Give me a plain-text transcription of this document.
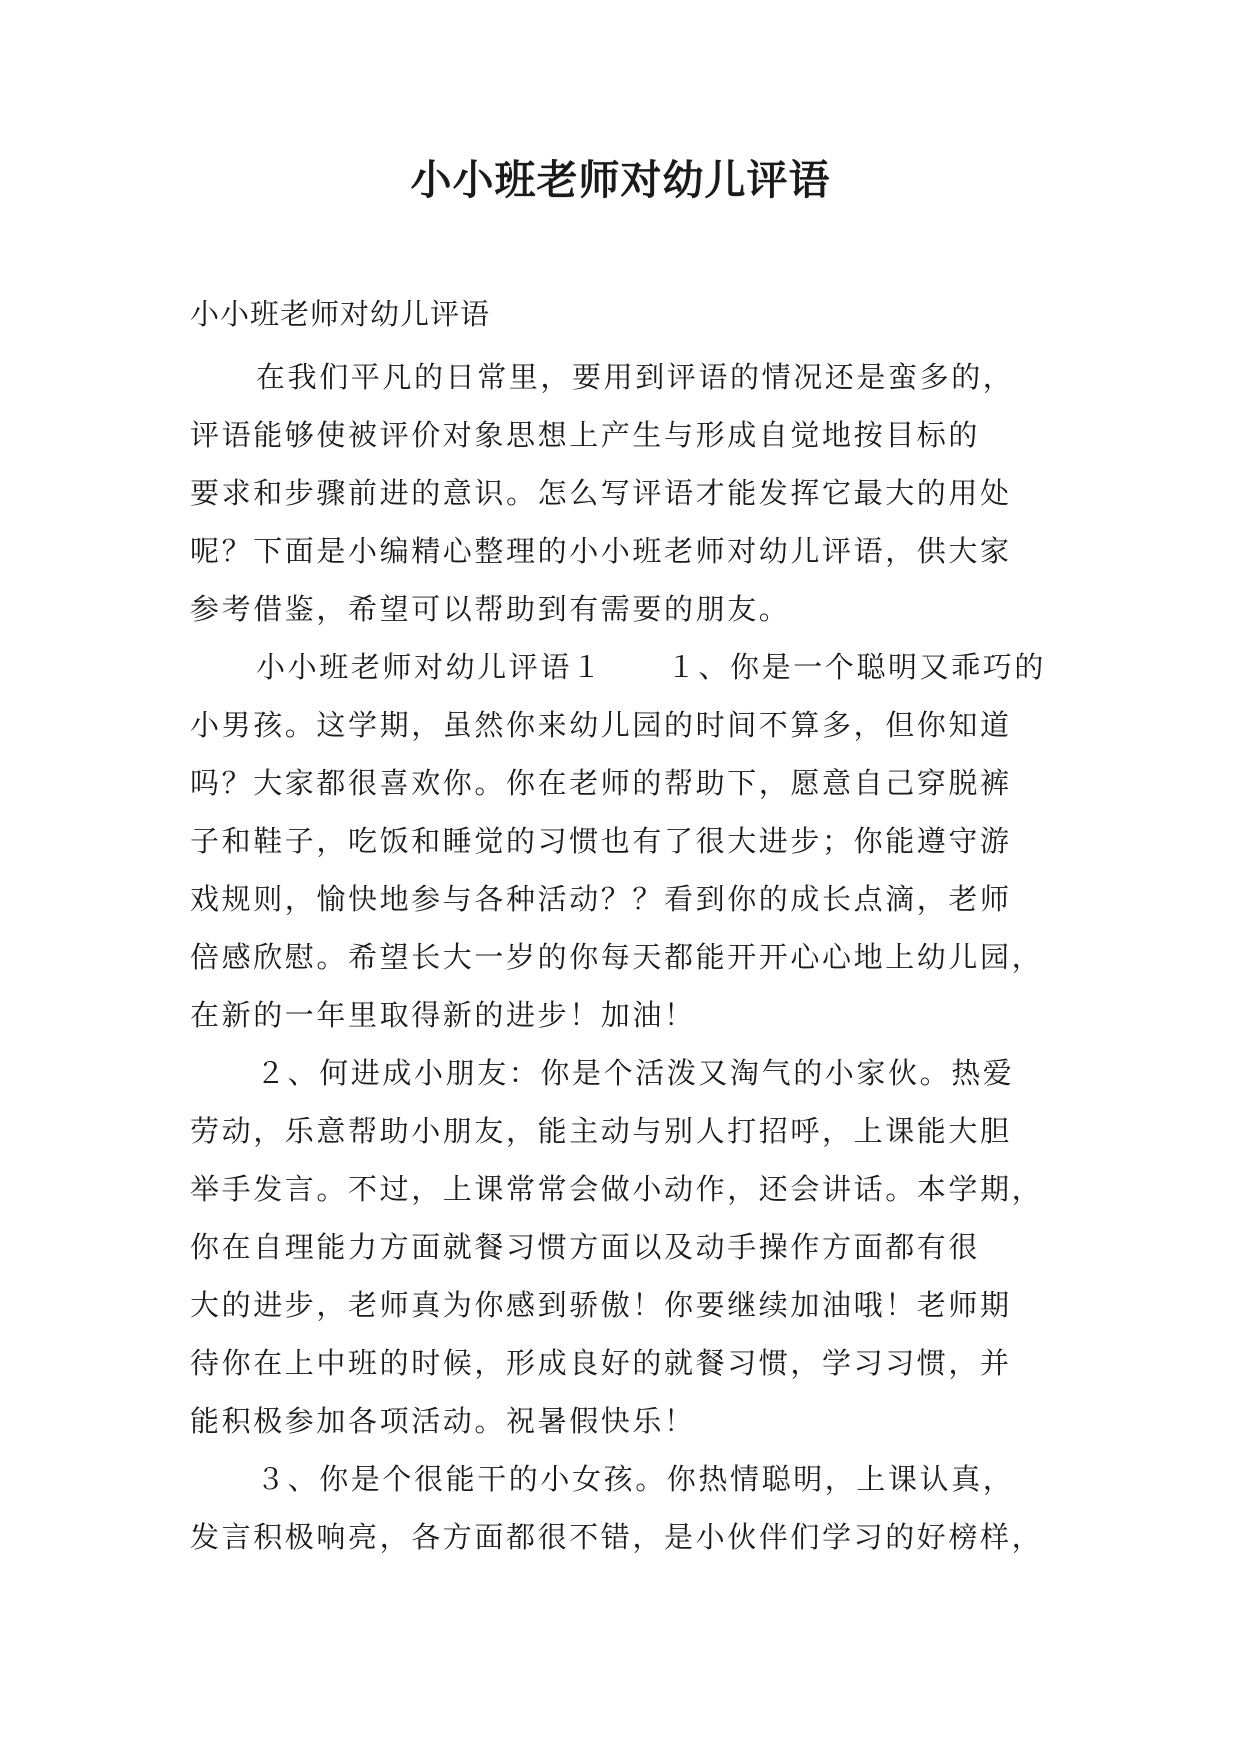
小小班老师对幼儿评语

小小班老师对幼儿评语

在我们平凡的日常里，要用到评语的情况还是蛮多的，
评语能够使被评价对象思想上产生与形成自觉地按目标的
要求和步骤前进的意识。怎么写评语才能发挥它最大的用处
呢？下面是小编精心整理的小小班老师对幼儿评语，供大家
参考借鉴，希望可以帮助到有需要的朋友。

小小班老师对幼儿评语１　　１、你是一个聪明又乖巧的
小男孩。这学期，虽然你来幼儿园的时间不算多，但你知道
吗？大家都很喜欢你。你在老师的帮助下，愿意自己穿脱裤
子和鞋子，吃饭和睡觉的习惯也有了很大进步；你能遵守游
戏规则，愉快地参与各种活动？？看到你的成长点滴，老师
倍感欣慰。希望长大一岁的你每天都能开开心心地上幼儿园，
在新的一年里取得新的进步！加油！

２、何进成小朋友：你是个活泼又淘气的小家伙。热爱
劳动，乐意帮助小朋友，能主动与别人打招呼，上课能大胆
举手发言。不过，上课常常会做小动作，还会讲话。本学期，
你在自理能力方面就餐习惯方面以及动手操作方面都有很
大的进步，老师真为你感到骄傲！你要继续加油哦！老师期
待你在上中班的时候，形成良好的就餐习惯，学习习惯，并
能积极参加各项活动。祝暑假快乐！

３、你是个很能干的小女孩。你热情聪明，上课认真，
发言积极响亮，各方面都很不错，是小伙伴们学习的好榜样，
